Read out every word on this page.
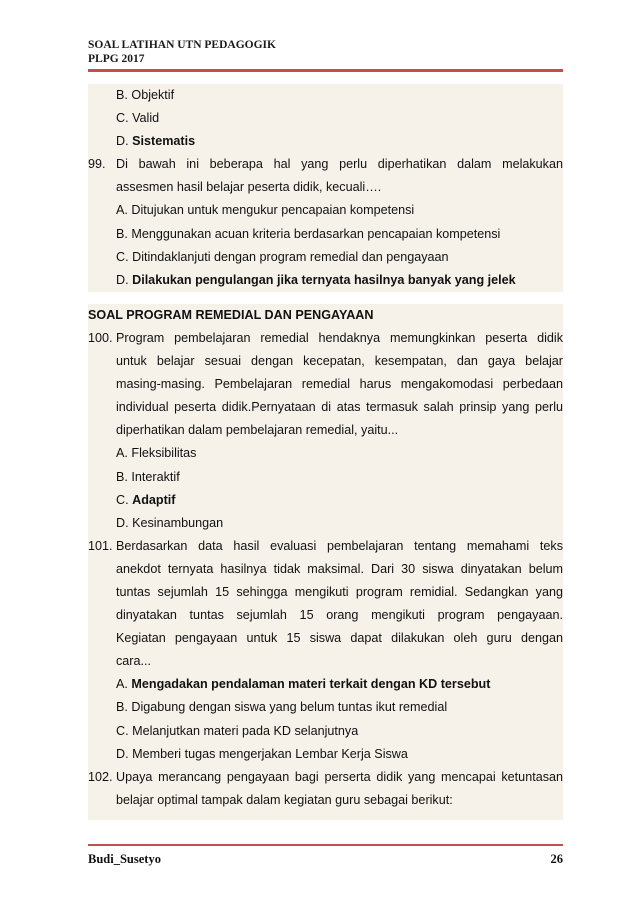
SOAL LATIHAN UTN PEDAGOGIK
PLPG 2017
B. Objektif
C. Valid
D. Sistematis
99. Di bawah ini beberapa hal yang perlu diperhatikan dalam melakukan
assesmen hasil belajar peserta didik, kecuali….
A. Ditujukan untuk mengukur pencapaian kompetensi
B. Menggunakan acuan kriteria berdasarkan pencapaian kompetensi
C. Ditindaklanjuti dengan program remedial dan pengayaan
D. Dilakukan pengulangan jika ternyata hasilnya banyak yang jelek
SOAL PROGRAM REMEDIAL DAN PENGAYAAN
100. Program pembelajaran remedial hendaknya memungkinkan peserta didik
untuk belajar sesuai dengan kecepatan, kesempatan, dan gaya belajar
masing-masing. Pembelajaran remedial harus mengakomodasi perbedaan
individual peserta didik.Pernyataan di atas termasuk salah prinsip yang perlu
diperhatikan dalam pembelajaran remedial, yaitu...
A. Fleksibilitas
B. Interaktif
C. Adaptif
D. Kesinambungan
101. Berdasarkan data hasil evaluasi pembelajaran tentang memahami teks
anekdot ternyata hasilnya tidak maksimal. Dari 30 siswa dinyatakan belum
tuntas sejumlah 15 sehingga mengikuti program remidial. Sedangkan yang
dinyatakan tuntas sejumlah 15 orang mengikuti program pengayaan.
Kegiatan pengayaan untuk 15 siswa dapat dilakukan oleh guru dengan
cara...
A. Mengadakan pendalaman materi terkait dengan KD tersebut
B. Digabung dengan siswa yang belum tuntas ikut remedial
C. Melanjutkan materi pada KD selanjutnya
D. Memberi tugas mengerjakan Lembar Kerja Siswa
102. Upaya merancang pengayaan bagi perserta didik yang mencapai ketuntasan
belajar optimal tampak dalam kegiatan guru sebagai berikut:
Budi_Susetyo	26
